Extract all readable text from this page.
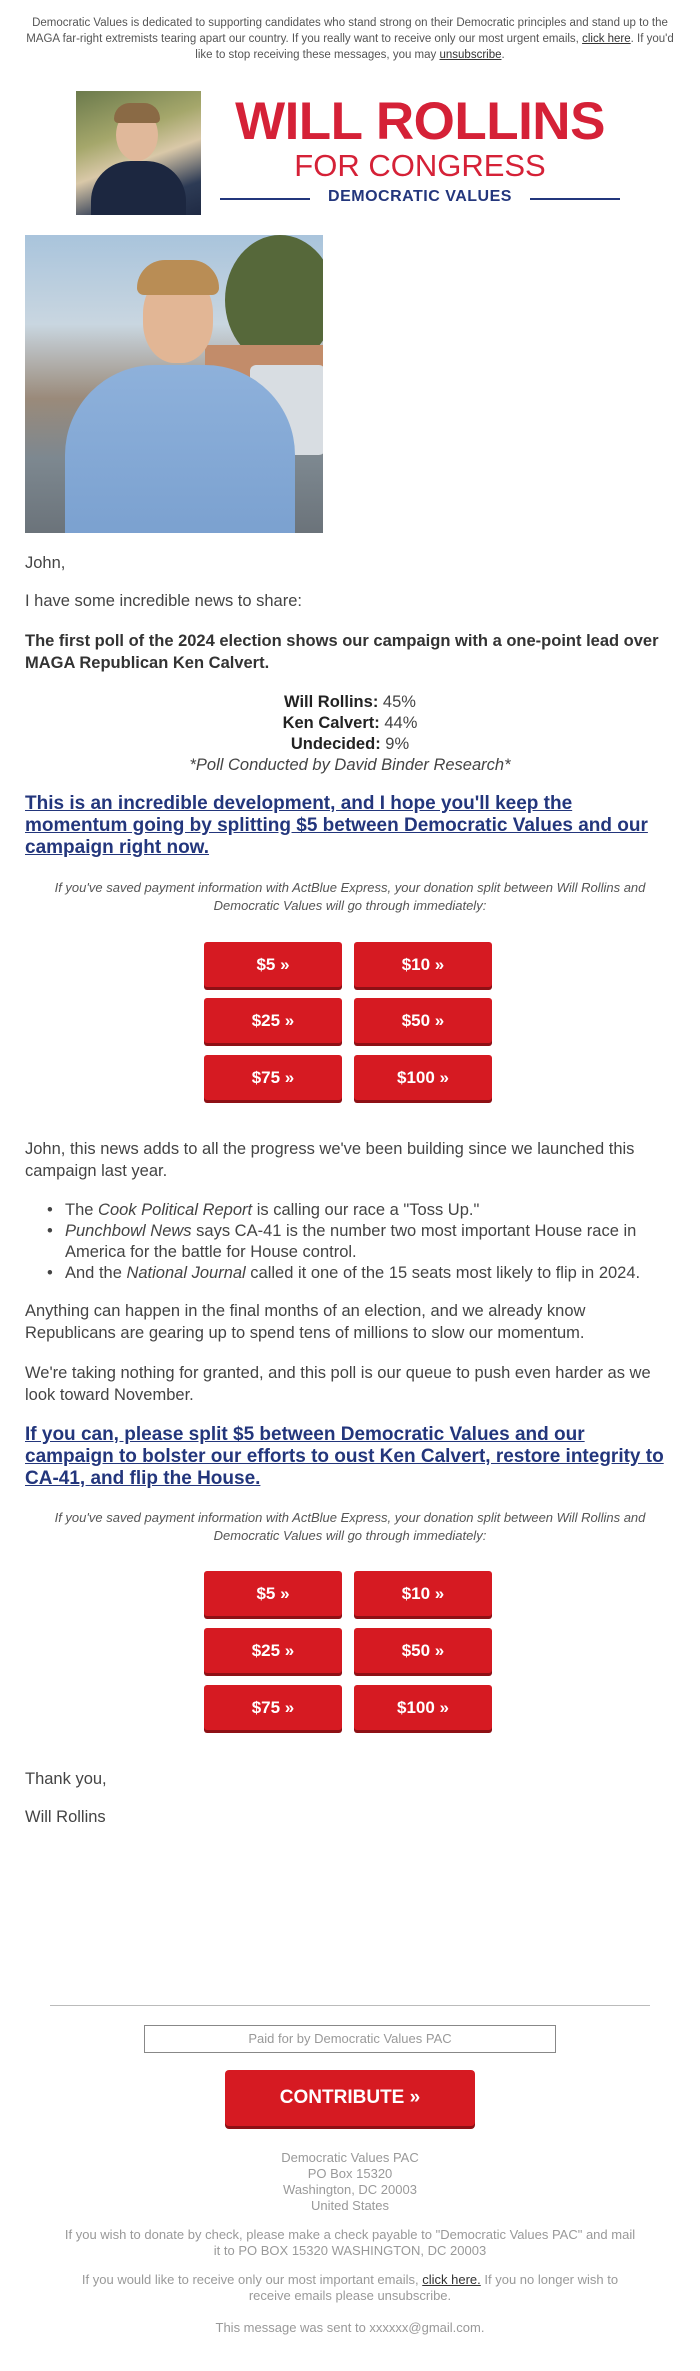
Democratic Values is dedicated to supporting candidates who stand strong on their Democratic principles and stand up to the MAGA far-right extremists tearing apart our country. If you really want to receive only our most urgent emails, click here. If you'd like to stop receiving these messages, you may unsubscribe.
WILL ROLLINS
FOR CONGRESS
DEMOCRATIC VALUES
John,
I have some incredible news to share:
The first poll of the 2024 election shows our campaign with a one-point lead over MAGA Republican Ken Calvert.
Will Rollins: 45%
Ken Calvert: 44%
Undecided: 9%
*Poll Conducted by David Binder Research*
This is an incredible development, and I hope you'll keep the momentum going by splitting $5 between Democratic Values and our campaign right now.
If you've saved payment information with ActBlue Express, your donation split between Will Rollins and Democratic Values will go through immediately:
$5 »	$10 »
$25 »	$50 »
$75 »	$100 »
John, this news adds to all the progress we've been building since we launched this campaign last year.
• The Cook Political Report is calling our race a "Toss Up."
• Punchbowl News says CA-41 is the number two most important House race in America for the battle for House control.
• And the National Journal called it one of the 15 seats most likely to flip in 2024.
Anything can happen in the final months of an election, and we already know Republicans are gearing up to spend tens of millions to slow our momentum.
We're taking nothing for granted, and this poll is our queue to push even harder as we look toward November.
If you can, please split $5 between Democratic Values and our campaign to bolster our efforts to oust Ken Calvert, restore integrity to CA-41, and flip the House.
If you've saved payment information with ActBlue Express, your donation split between Will Rollins and Democratic Values will go through immediately:
$5 »	$10 »
$25 »	$50 »
$75 »	$100 »
Thank you,
Will Rollins
Paid for by Democratic Values PAC
CONTRIBUTE »
Democratic Values PAC
PO Box 15320
Washington, DC 20003
United States
If you wish to donate by check, please make a check payable to "Democratic Values PAC" and mail it to PO BOX 15320 WASHINGTON, DC 20003
If you would like to receive only our most important emails, click here. If you no longer wish to receive emails please unsubscribe.
This message was sent to xxxxxx@gmail.com.
